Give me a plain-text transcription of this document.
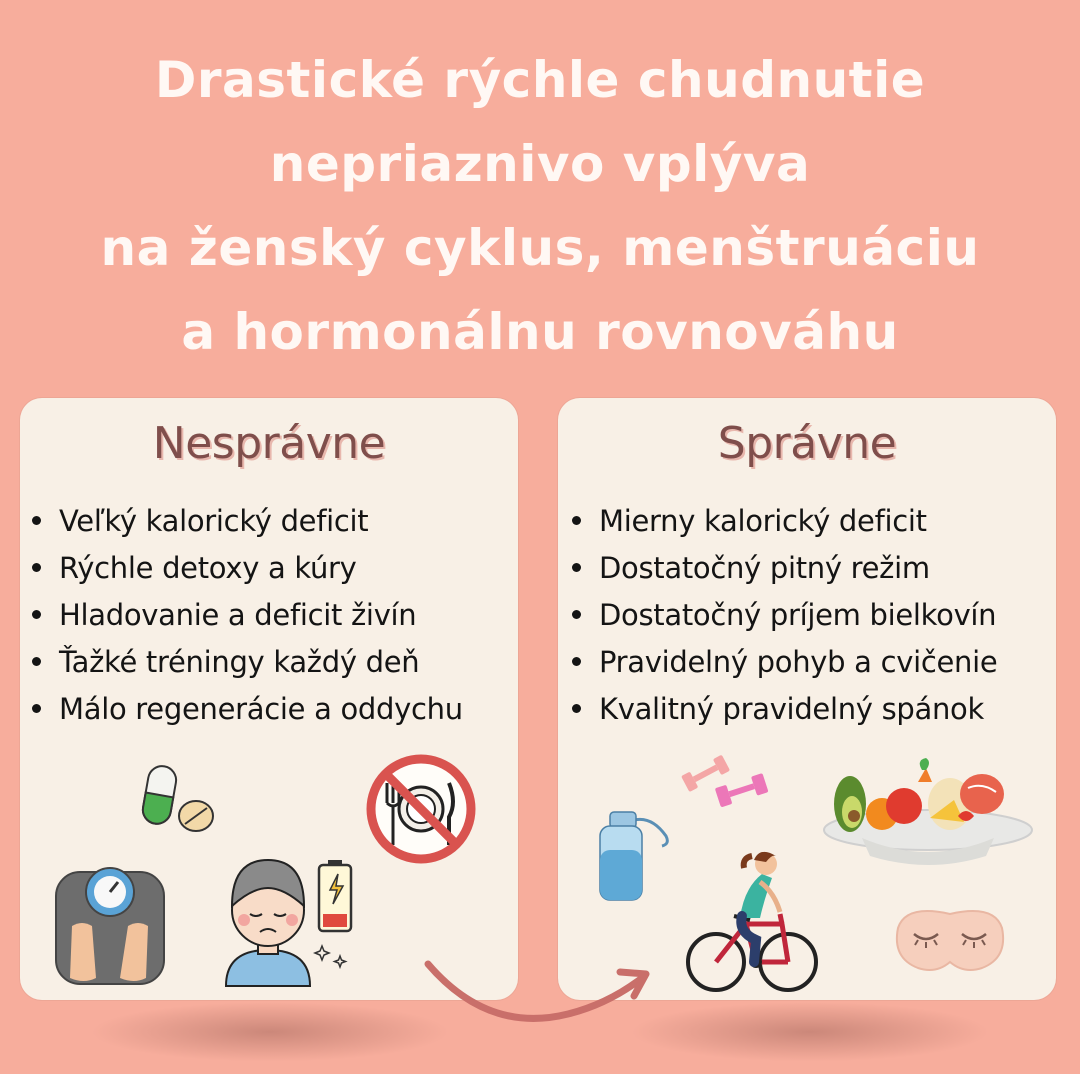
Drastické rýchle chudnutie
nepriaznivo vplýva
na ženský cyklus, menštruáciu
a hormonálnu rovnováhu
Nesprávne
Veľký kalorický deficit
Rýchle detoxy a kúry
Hladovanie a deficit živín
Ťažké tréningy každý deň
Málo regenerácie a oddychu
Správne
Mierny kalorický deficit
Dostatočný pitný režim
Dostatočný príjem bielkovín
Pravidelný pohyb a cvičenie
Kvalitný pravidelný spánok
